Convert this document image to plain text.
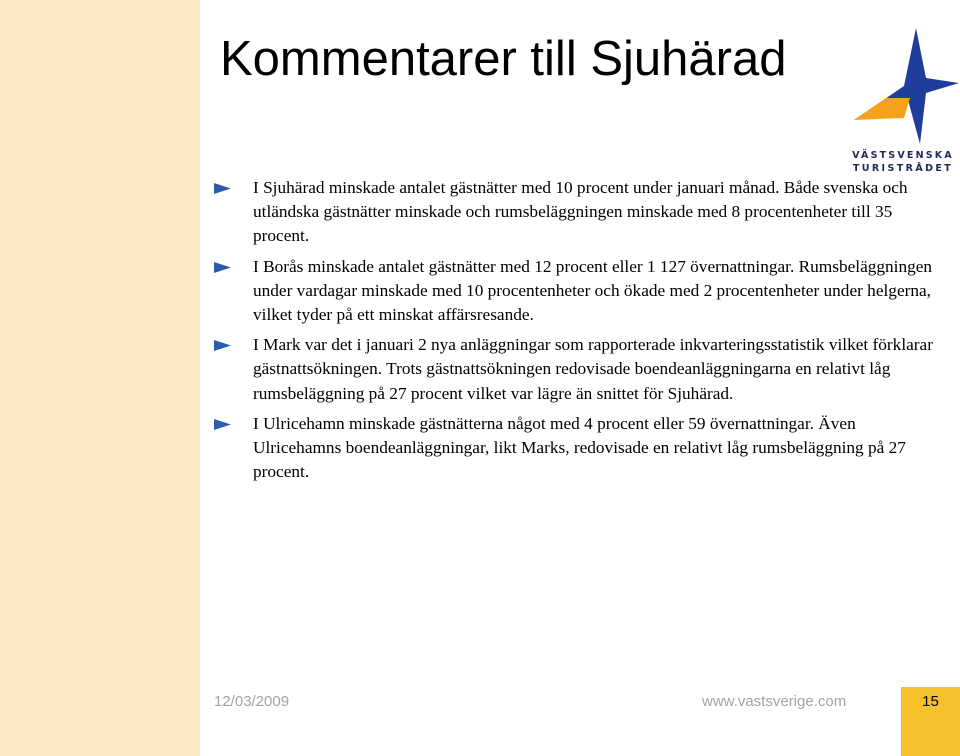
Kommentarer till Sjuhärad
VÄSTSVENSKA
TURISTRÅDET
I Sjuhärad minskade antalet gästnätter med 10 procent under januari månad. Både svenska och utländska gästnätter minskade och rumsbeläggningen minskade med 8 procentenheter till 35 procent.
I Borås minskade antalet gästnätter med 12 procent eller 1 127 övernattningar. Rumsbeläggningen under vardagar minskade med 10 procentenheter och ökade med 2 procentenheter under helgerna, vilket tyder på ett minskat affärsresande.
I Mark var det i januari 2 nya anläggningar som rapporterade inkvarteringsstatistik vilket förklarar gästnattsökningen. Trots gästnattsökningen redovisade boendeanläggningarna en relativt låg rumsbeläggning på 27 procent vilket var lägre än snittet för Sjuhärad.
I Ulricehamn minskade gästnätterna något med 4 procent eller 59 övernattningar. Även Ulricehamns boendeanläggningar, likt Marks, redovisade en relativt låg rumsbeläggning på 27 procent.
12/03/2009	www.vastsverige.com	15
